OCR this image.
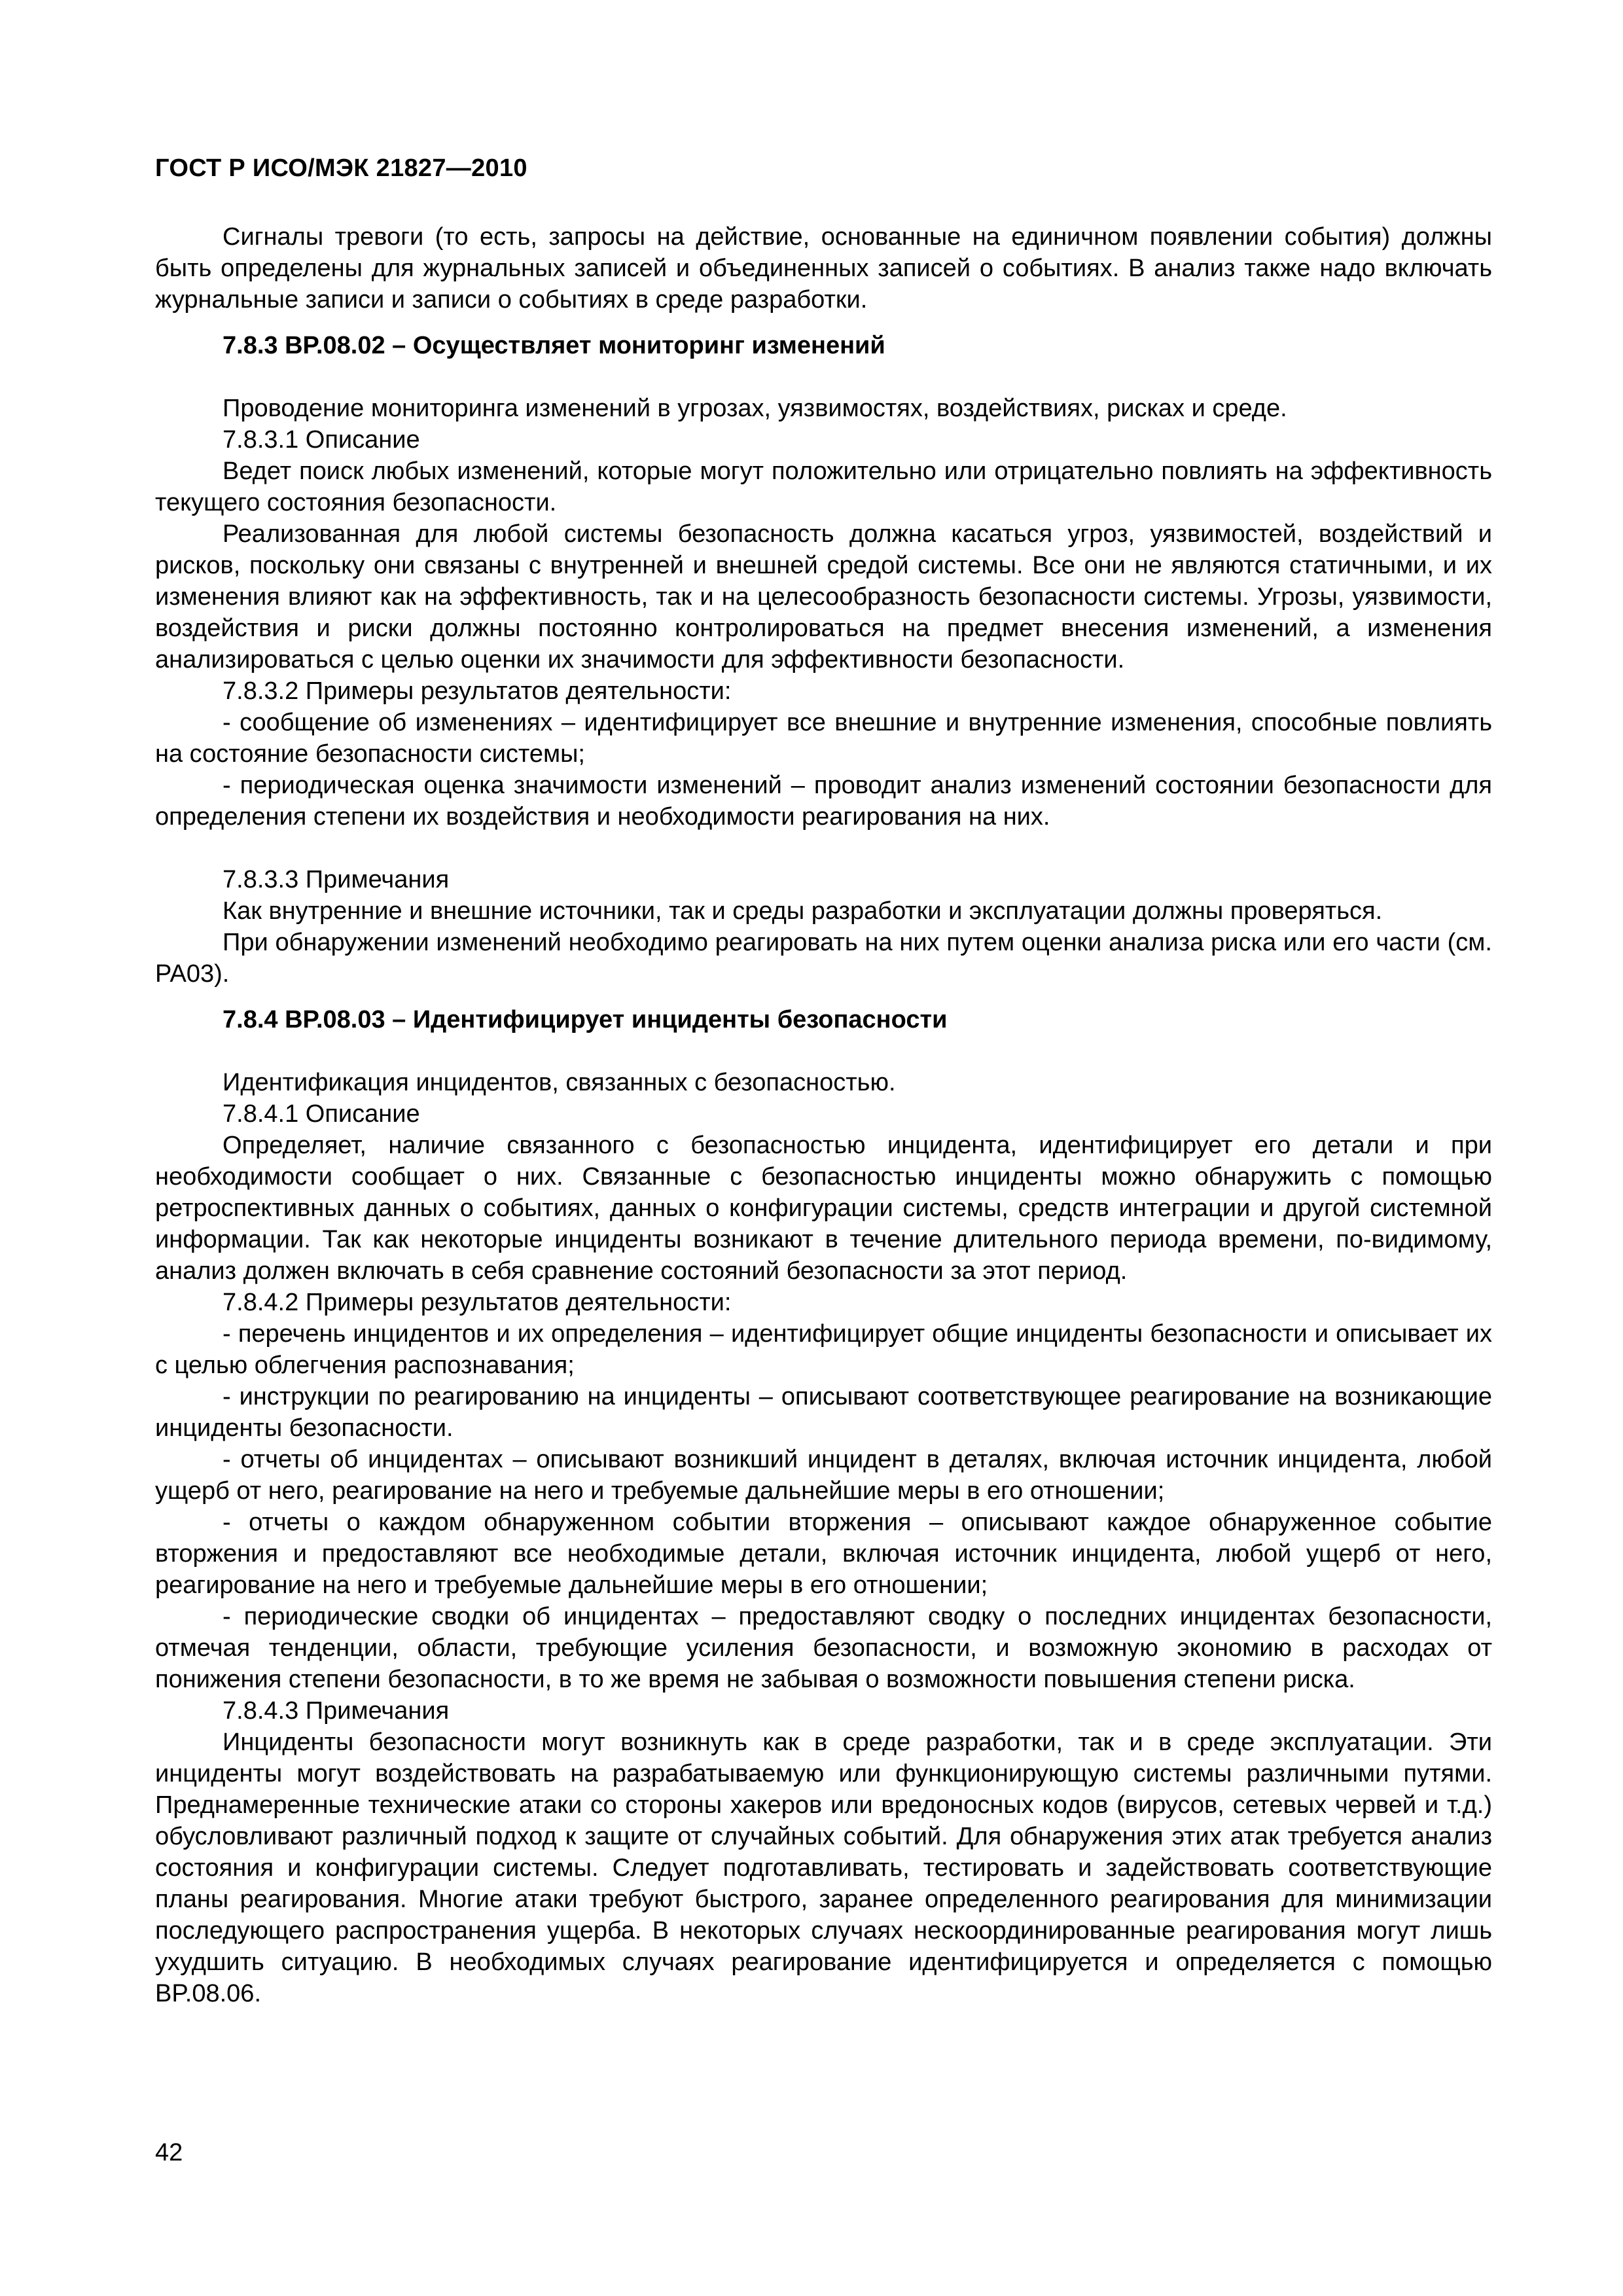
ГОСТ Р ИСО/МЭК 21827—2010

Сигналы тревоги (то есть, запросы на действие, основанные на единичном появлении события) должны быть определены для журнальных записей и объединенных записей о событиях. В анализ также надо включать журнальные записи и записи о событиях в среде разработки.

7.8.3 BP.08.02 – Осуществляет мониторинг изменений

Проводение мониторинга изменений в угрозах, уязвимостях, воздействиях, рисках и среде.

7.8.3.1 Описание

Ведет поиск любых изменений, которые могут положительно или отрицательно повлиять на эффективность текущего состояния безопасности.

Реализованная для любой системы безопасность должна касаться угроз, уязвимостей, воздействий и рисков, поскольку они связаны с внутренней и внешней средой системы. Все они не являются статичными, и их изменения влияют как на эффективность, так и на целесообразность безопасности системы. Угрозы, уязвимости, воздействия и риски должны постоянно контролироваться на предмет внесения изменений, а изменения анализироваться с целью оценки их значимости для эффективности безопасности.

7.8.3.2 Примеры результатов деятельности:

- сообщение об изменениях – идентифицирует все внешние и внутренние изменения, способные повлиять на состояние безопасности системы;

- периодическая оценка значимости изменений – проводит анализ изменений состоянии безопасности для определения степени их воздействия и необходимости реагирования на них.

7.8.3.3 Примечания

Как внутренние и внешние источники, так и среды разработки и эксплуатации должны проверяться.

При обнаружении изменений необходимо реагировать на них путем оценки анализа риска или его части (см. PA03).

7.8.4 BP.08.03 – Идентифицирует инциденты безопасности

Идентификация инцидентов, связанных с безопасностью.

7.8.4.1 Описание

Определяет, наличие связанного с безопасностью инцидента, идентифицирует его детали и при необходимости сообщает о них. Связанные с безопасностью инциденты можно обнаружить с помощью ретроспективных данных о событиях, данных о конфигурации системы, средств интеграции и другой системной информации. Так как некоторые инциденты возникают в течение длительного периода времени, по-видимому, анализ должен включать в себя сравнение состояний безопасности за этот период.

7.8.4.2 Примеры результатов деятельности:

- перечень инцидентов и их определения – идентифицирует общие инциденты безопасности и описывает их с целью облегчения распознавания;

- инструкции по реагированию на инциденты – описывают соответствующее реагирование на возникающие инциденты безопасности.

- отчеты об инцидентах – описывают возникший инцидент в деталях, включая источник инцидента, любой ущерб от него, реагирование на него и требуемые дальнейшие меры в его отношении;

- отчеты о каждом обнаруженном событии вторжения – описывают каждое обнаруженное событие вторжения и предоставляют все необходимые детали, включая источник инцидента, любой ущерб от него, реагирование на него и требуемые дальнейшие меры в его отношении;

- периодические сводки об инцидентах – предоставляют сводку о последних инцидентах безопасности, отмечая тенденции, области, требующие усиления безопасности, и возможную экономию в расходах от понижения степени безопасности, в то же время не забывая о возможности повышения степени риска.

7.8.4.3 Примечания

Инциденты безопасности могут возникнуть как в среде разработки, так и в среде эксплуатации. Эти инциденты могут воздействовать на разрабатываемую или функционирующую системы различными путями. Преднамеренные технические атаки со стороны хакеров или вредоносных кодов (вирусов, сетевых червей и т.д.) обусловливают различный подход к защите от случайных событий. Для обнаружения этих атак требуется анализ состояния и конфигурации системы. Следует подготавливать, тестировать и задействовать соответствующие планы реагирования. Многие атаки требуют быстрого, заранее определенного реагирования для минимизации последующего распространения ущерба. В некоторых случаях нескоординированные реагирования могут лишь ухудшить ситуацию. В необходимых случаях реагирование идентифицируется и определяется с помощью BP.08.06.

42
